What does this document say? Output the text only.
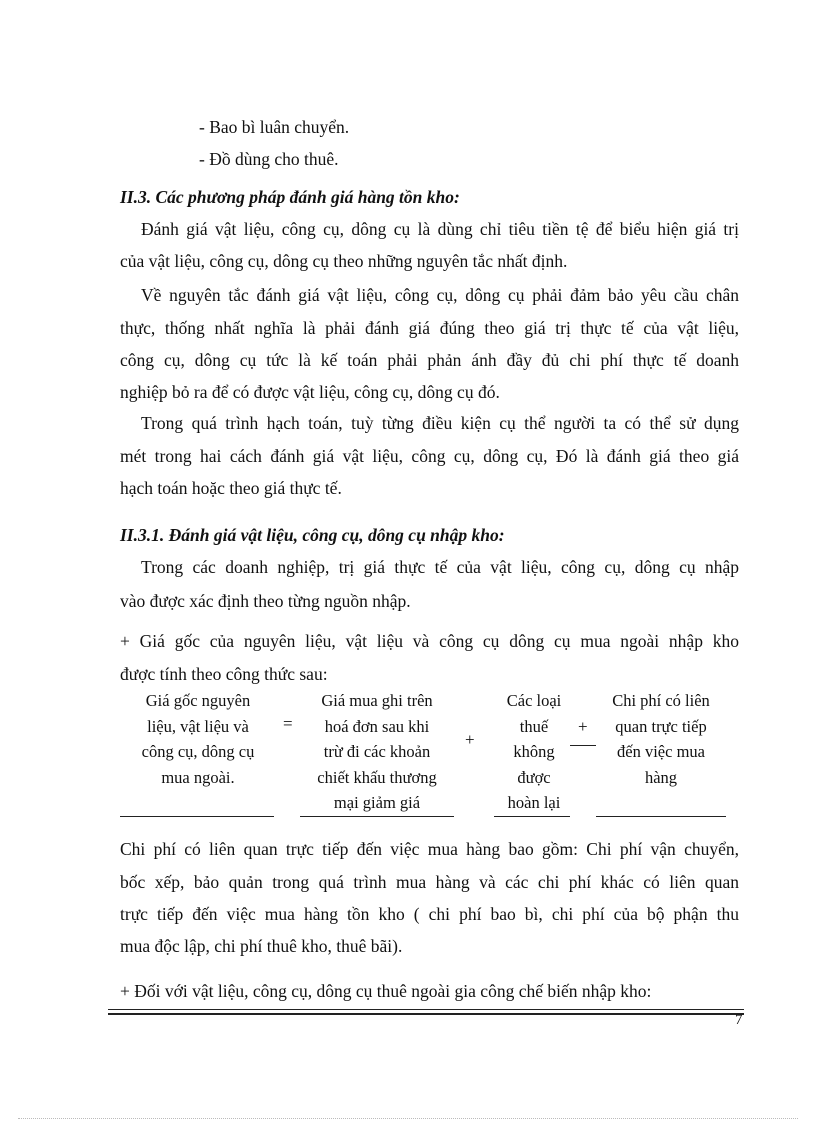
- Bao bì luân chuyển.
- Đồ dùng cho thuê.
II.3. Các phương pháp đánh giá hàng tồn kho:
Đánh giá vật liệu, công cụ, dông cụ là dùng chỉ tiêu tiền tệ để biểu hiện giá trị
của vật liệu, công cụ, dông cụ theo những nguyên tắc nhất định.
Về nguyên tắc đánh giá vật liệu, công cụ, dông cụ phải đảm bảo yêu cầu chân
thực, thống nhất nghĩa là phải đánh giá đúng theo giá trị thực tế của vật liệu,
công cụ, dông cụ tức là kế toán phải phản ánh đầy đủ chi phí thực tế doanh
nghiệp bỏ ra để có được vật liệu, công cụ, dông cụ đó.
Trong quá trình hạch toán, tuỳ từng điều kiện cụ thể người ta có thể sử dụng
mét trong hai cách đánh giá vật liệu, công cụ, dông cụ, Đó là đánh giá theo giá
hạch toán hoặc theo giá thực tế.
II.3.1. Đánh giá vật liệu, công cụ, dông cụ nhập kho:
Trong các doanh nghiệp, trị giá thực tế của vật liệu, công cụ, dông cụ nhập
vào được xác định theo từng nguồn nhập.
+ Giá gốc của nguyên liệu, vật liệu và công cụ dông cụ mua ngoài nhập kho
được tính theo công thức sau:
Giá gốc nguyên
liệu, vật liệu và
công cụ, dông cụ
mua ngoài.
=
Giá mua ghi trên
hoá đơn sau khi
trừ đi các khoản
chiết khấu thương
mại giảm giá
+
Các loại
thuế
không
được
hoàn lại
+
Chi phí có liên
quan trực tiếp
đến việc mua
hàng
Chi phí có liên quan trực tiếp đến việc mua hàng bao gồm: Chi phí vận chuyển,
bốc xếp, bảo quản trong quá trình mua hàng và các chi phí khác có liên quan
trực tiếp đến việc mua hàng tồn kho ( chi phí bao bì, chi phí của bộ phận thu
mua độc lập, chi phí thuê kho, thuê bãi).
+ Đối với vật liệu, công cụ, dông cụ thuê ngoài gia công chế biến nhập kho:
7
